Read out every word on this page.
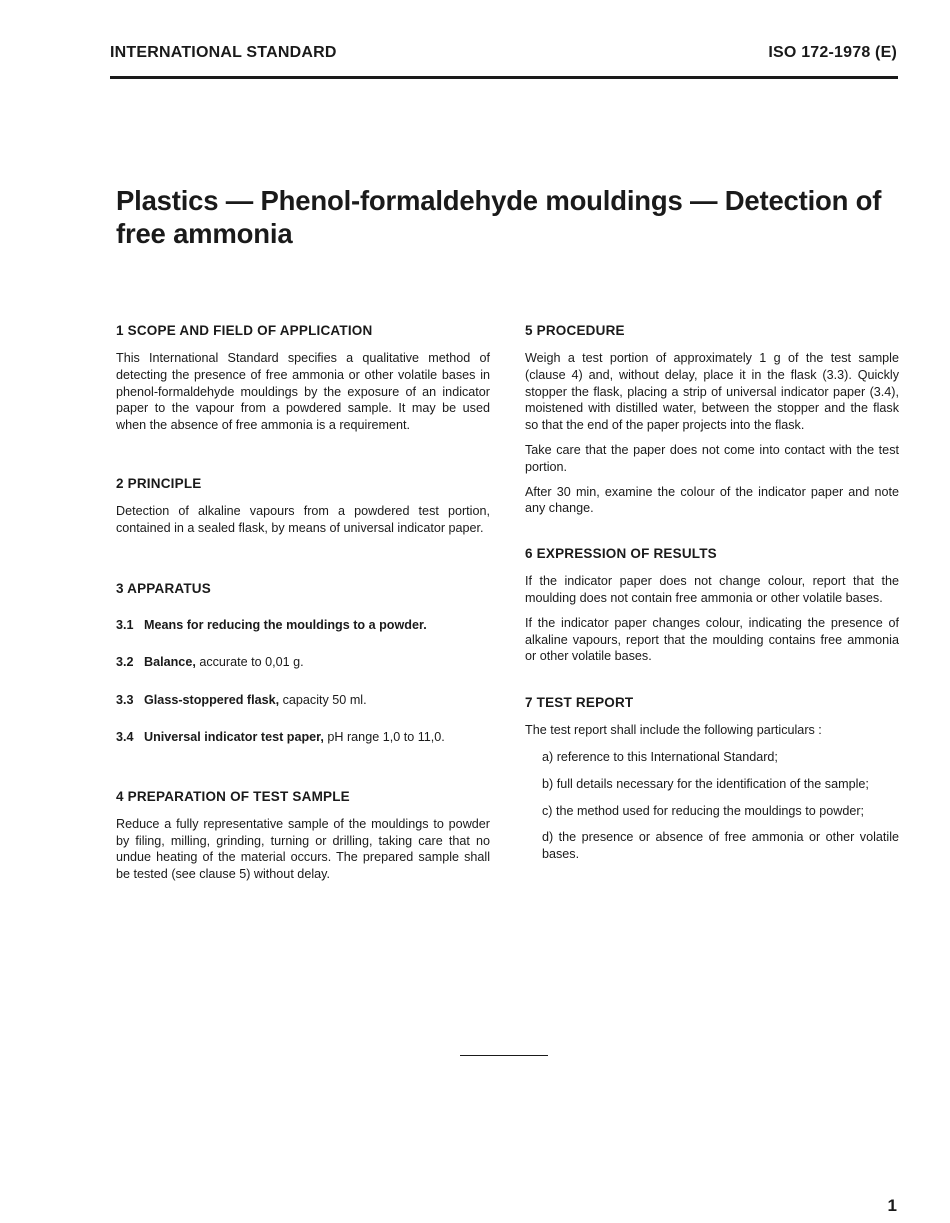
INTERNATIONAL STANDARD	ISO 172-1978 (E)
Plastics — Phenol-formaldehyde mouldings — Detection of free ammonia
1 SCOPE AND FIELD OF APPLICATION

This International Standard specifies a qualitative method of detecting the presence of free ammonia or other volatile bases in phenol-formaldehyde mouldings by the exposure of an indicator paper to the vapour from a powdered sample. It may be used when the absence of free ammonia is a requirement.

2 PRINCIPLE

Detection of alkaline vapours from a powdered test portion, contained in a sealed flask, by means of universal indicator paper.

3 APPARATUS
3.1 Means for reducing the mouldings to a powder.
3.2 Balance, accurate to 0,01 g.
3.3 Glass-stoppered flask, capacity 50 ml.
3.4 Universal indicator test paper, pH range 1,0 to 11,0.
4 PREPARATION OF TEST SAMPLE

Reduce a fully representative sample of the mouldings to powder by filing, milling, grinding, turning or drilling, taking care that no undue heating of the material occurs. The prepared sample shall be tested (see clause 5) without delay.

5 PROCEDURE

Weigh a test portion of approximately 1 g of the test sample (clause 4) and, without delay, place it in the flask (3.3). Quickly stopper the flask, placing a strip of universal indicator paper (3.4), moistened with distilled water, between the stopper and the flask so that the end of the paper projects into the flask.

Take care that the paper does not come into contact with the test portion.

After 30 min, examine the colour of the indicator paper and note any change.

6 EXPRESSION OF RESULTS

If the indicator paper does not change colour, report that the moulding does not contain free ammonia or other volatile bases.

If the indicator paper changes colour, indicating the presence of alkaline vapours, report that the moulding contains free ammonia or other volatile bases.

7 TEST REPORT

The test report shall include the following particulars :

a) reference to this International Standard;
b) full details necessary for the identification of the sample;
c) the method used for reducing the mouldings to powder;
d) the presence or absence of free ammonia or other volatile bases.
1
